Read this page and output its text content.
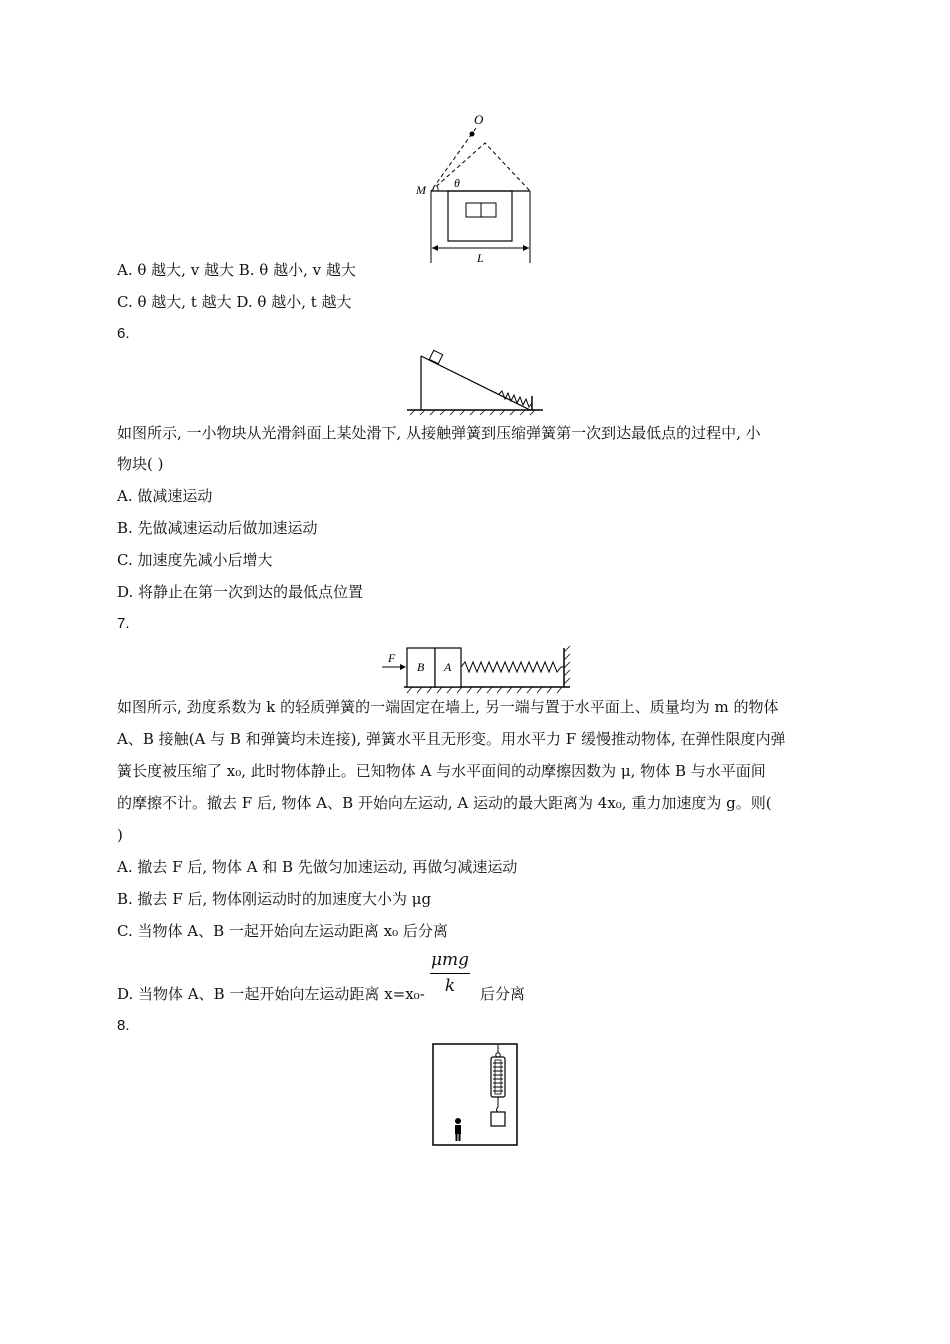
O
M θ
L
A. θ 越大, v 越大 B. θ 越小, v 越大
C. θ 越大, t 越大 D. θ 越小, t 越大
6.
如图所示, 一小物块从光滑斜面上某处滑下, 从接触弹簧到压缩弹簧第一次到达最低点的过程中, 小
物块( )
A. 做减速运动
B. 先做减速运动后做加速运动
C. 加速度先减小后增大
D. 将静止在第一次到达的最低点位置
7.
F
B A
如图所示, 劲度系数为 k 的轻质弹簧的一端固定在墙上, 另一端与置于水平面上、质量均为 m 的物体
A、B 接触(A 与 B 和弹簧均未连接), 弹簧水平且无形变。用水平力 F 缓慢推动物体, 在弹性限度内弹
簧长度被压缩了 x₀, 此时物体静止。已知物体 A 与水平面间的动摩擦因数为 μ, 物体 B 与水平面间
的摩擦不计。撤去 F 后, 物体 A、B 开始向左运动, A 运动的最大距离为 4x₀, 重力加速度为 g。则(
)
A. 撤去 F 后, 物体 A 和 B 先做匀加速运动, 再做匀减速运动
B. 撤去 F 后, 物体刚运动时的加速度大小为 μg
C. 当物体 A、B 一起开始向左运动距离 x₀ 后分离
D. 当物体 A、B 一起开始向左运动距离 x=x₀-
μmg
k	后分离
8.
